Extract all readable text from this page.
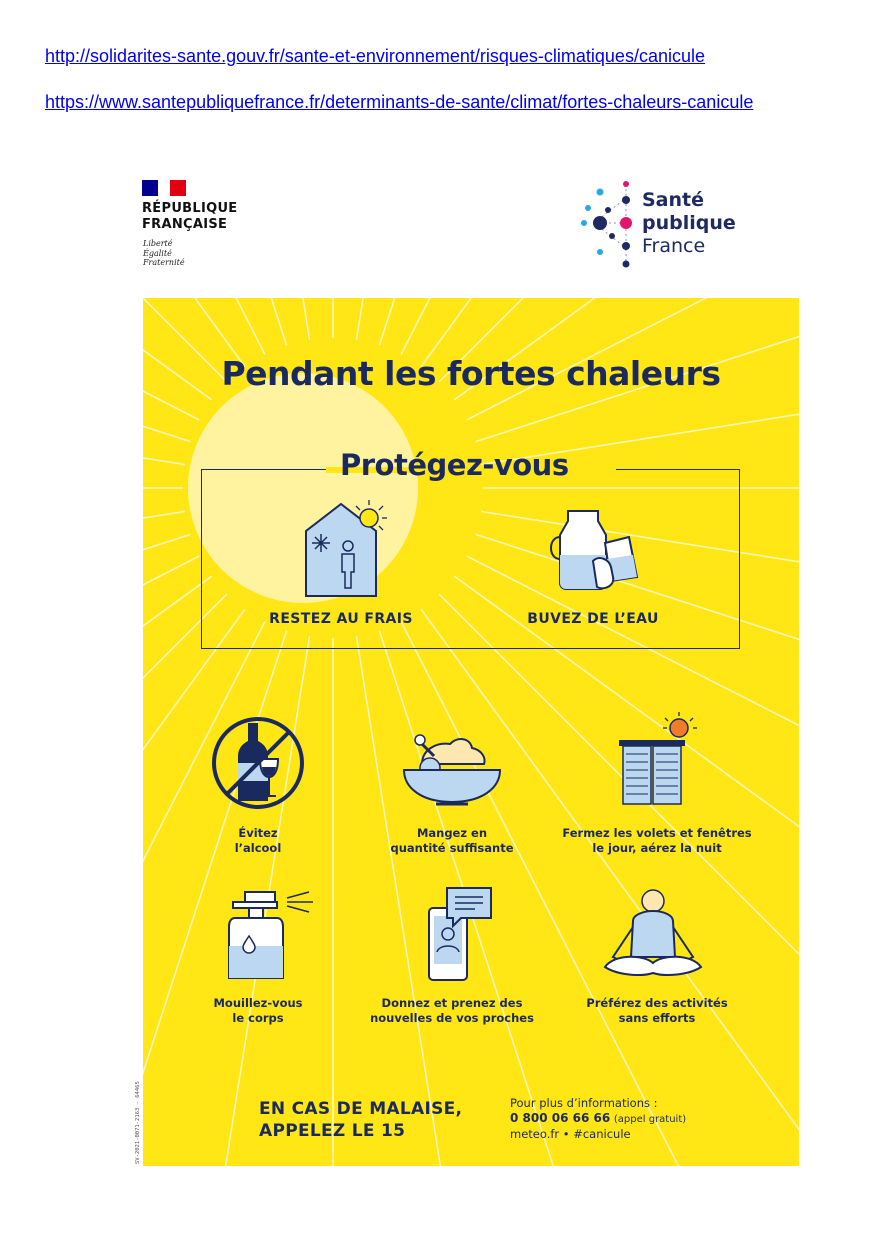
http://solidarites-sante.gouv.fr/sante-et-environnement/risques-climatiques/canicule
https://www.santepubliquefrance.fr/determinants-de-sante/climat/fortes-chaleurs-canicule
RÉPUBLIQUE
FRANÇAISE
Liberté
Égalité
Fraternité
Santé
publique
France
Pendant les fortes chaleurs
Protégez-vous
RESTEZ AU FRAIS	BUVEZ DE L’EAU
Évitez
l’alcool
Mangez en
quantité suffisante
Fermez les volets et fenêtres
le jour, aérez la nuit
Mouillez-vous
le corps
Donnez et prenez des
nouvelles de vos proches
Préférez des activités
sans efforts
EN CAS DE MALAISE,
APPELEZ LE 15
Pour plus d’informations :
0 800 06 66 66 (appel gratuit)
meteo.fr • #canicule
SV-2021-0071-2163 - 64465
